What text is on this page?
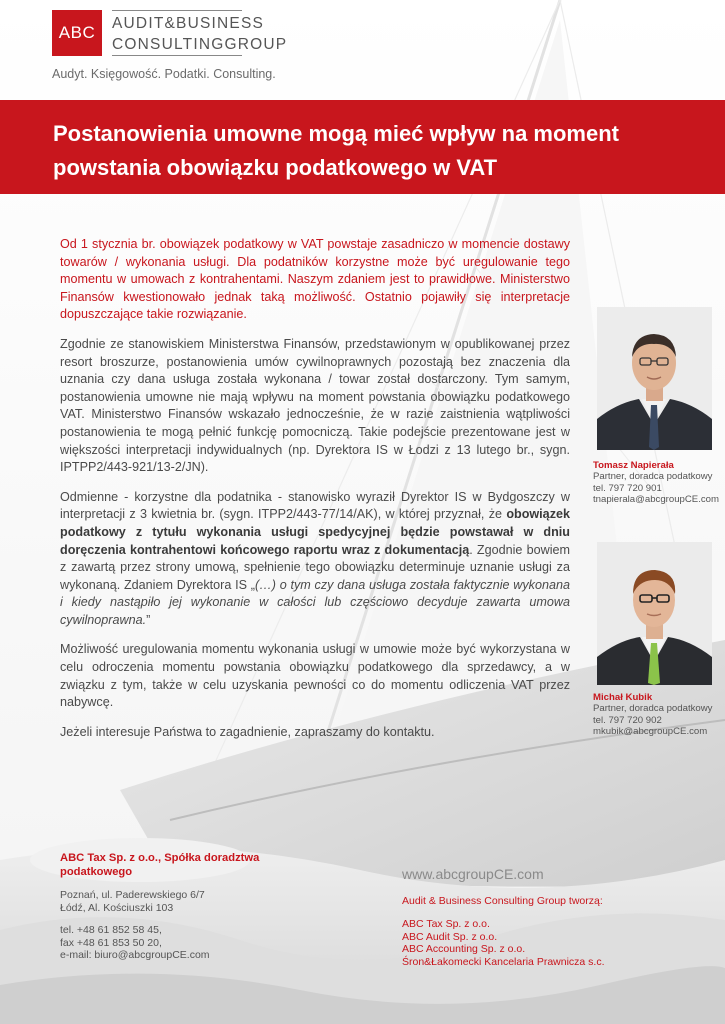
ABC	AUDIT&BUSINESS
CONSULTINGGROUP
Audyt. Księgowość. Podatki. Consulting.
Postanowienia umowne mogą mieć wpływ na moment
powstania obowiązku podatkowego w VAT

Od 1 stycznia br. obowiązek podatkowy w VAT powstaje zasadniczo w momencie dostawy towarów / wykonania usługi. Dla podatników korzystne może być uregulowanie tego momentu w umowach z kontrahentami. Naszym zdaniem jest to prawidłowe. Ministerstwo Finansów kwestionowało jednak taką możliwość. Ostatnio pojawiły się interpretacje dopuszczające takie rozwiązanie.

Zgodnie ze stanowiskiem Ministerstwa Finansów, przedstawionym w opublikowanej przez resort broszurze, postanowienia umów cywilnoprawnych pozostają bez znaczenia dla uznania czy dana usługa została wykonana / towar został dostarczony. Tym samym, postanowienia umowne nie mają wpływu na moment powstania obowiązku podatkowego VAT. Ministerstwo Finansów wskazało jednocześnie, że w razie zaistnienia wątpliwości postanowienia te mogą pełnić funkcję pomocniczą. Takie podejście prezentowane jest w większości interpretacji indywidualnych (np. Dyrektora IS w Łodzi z 13 lutego br., sygn. IPTPP2/443-921/13-2/JN).

Odmienne - korzystne dla podatnika - stanowisko wyraził Dyrektor IS w Bydgoszczy w interpretacji z 3 kwietnia br. (sygn. ITPP2/443-77/14/AK), w której przyznał, że obowiązek podatkowy z tytułu wykonania usługi spedycyjnej będzie powstawał w dniu doręczenia kontrahentowi końcowego raportu wraz z dokumentacją. Zgodnie bowiem z zawartą przez strony umową, spełnienie tego obowiązku determinuje uznanie usługi za wykonaną. Zdaniem Dyrektora IS „(…) o tym czy dana usługa została faktycznie wykonana i kiedy nastąpiło jej wykonanie w całości lub częściowo decyduje zawarta umowa cywilnoprawna.”

Możliwość uregulowania momentu wykonania usługi w umowie może być wykorzystana w celu odroczenia momentu powstania obowiązku podatkowego dla sprzedawcy, a w związku z tym, także w celu uzyskania pewności co do momentu odliczenia VAT przez nabywcę.

Jeżeli interesuje Państwa to zagadnienie, zapraszamy do kontaktu.

Tomasz Napierała
Partner, doradca podatkowy
tel. 797 720 901
tnapierala@abcgroupCE.com
Michał Kubik
Partner, doradca podatkowy
tel. 797 720 902
mkubik@abcgroupCE.com
ABC Tax Sp. z o.o., Spółka doradztwa podatkowego
Poznań, ul. Paderewskiego 6/7
Łódź, Al. Kościuszki 103
tel. +48 61 852 58 45,
fax +48 61 853 50 20,
e-mail: biuro@abcgroupCE.com
www.abcgroupCE.com
Audit & Business Consulting Group tworzą:
ABC Tax Sp. z o.o.
ABC Audit Sp. z o.o.
ABC Accounting Sp. z o.o.
Śron&Łakomecki Kancelaria Prawnicza s.c.
